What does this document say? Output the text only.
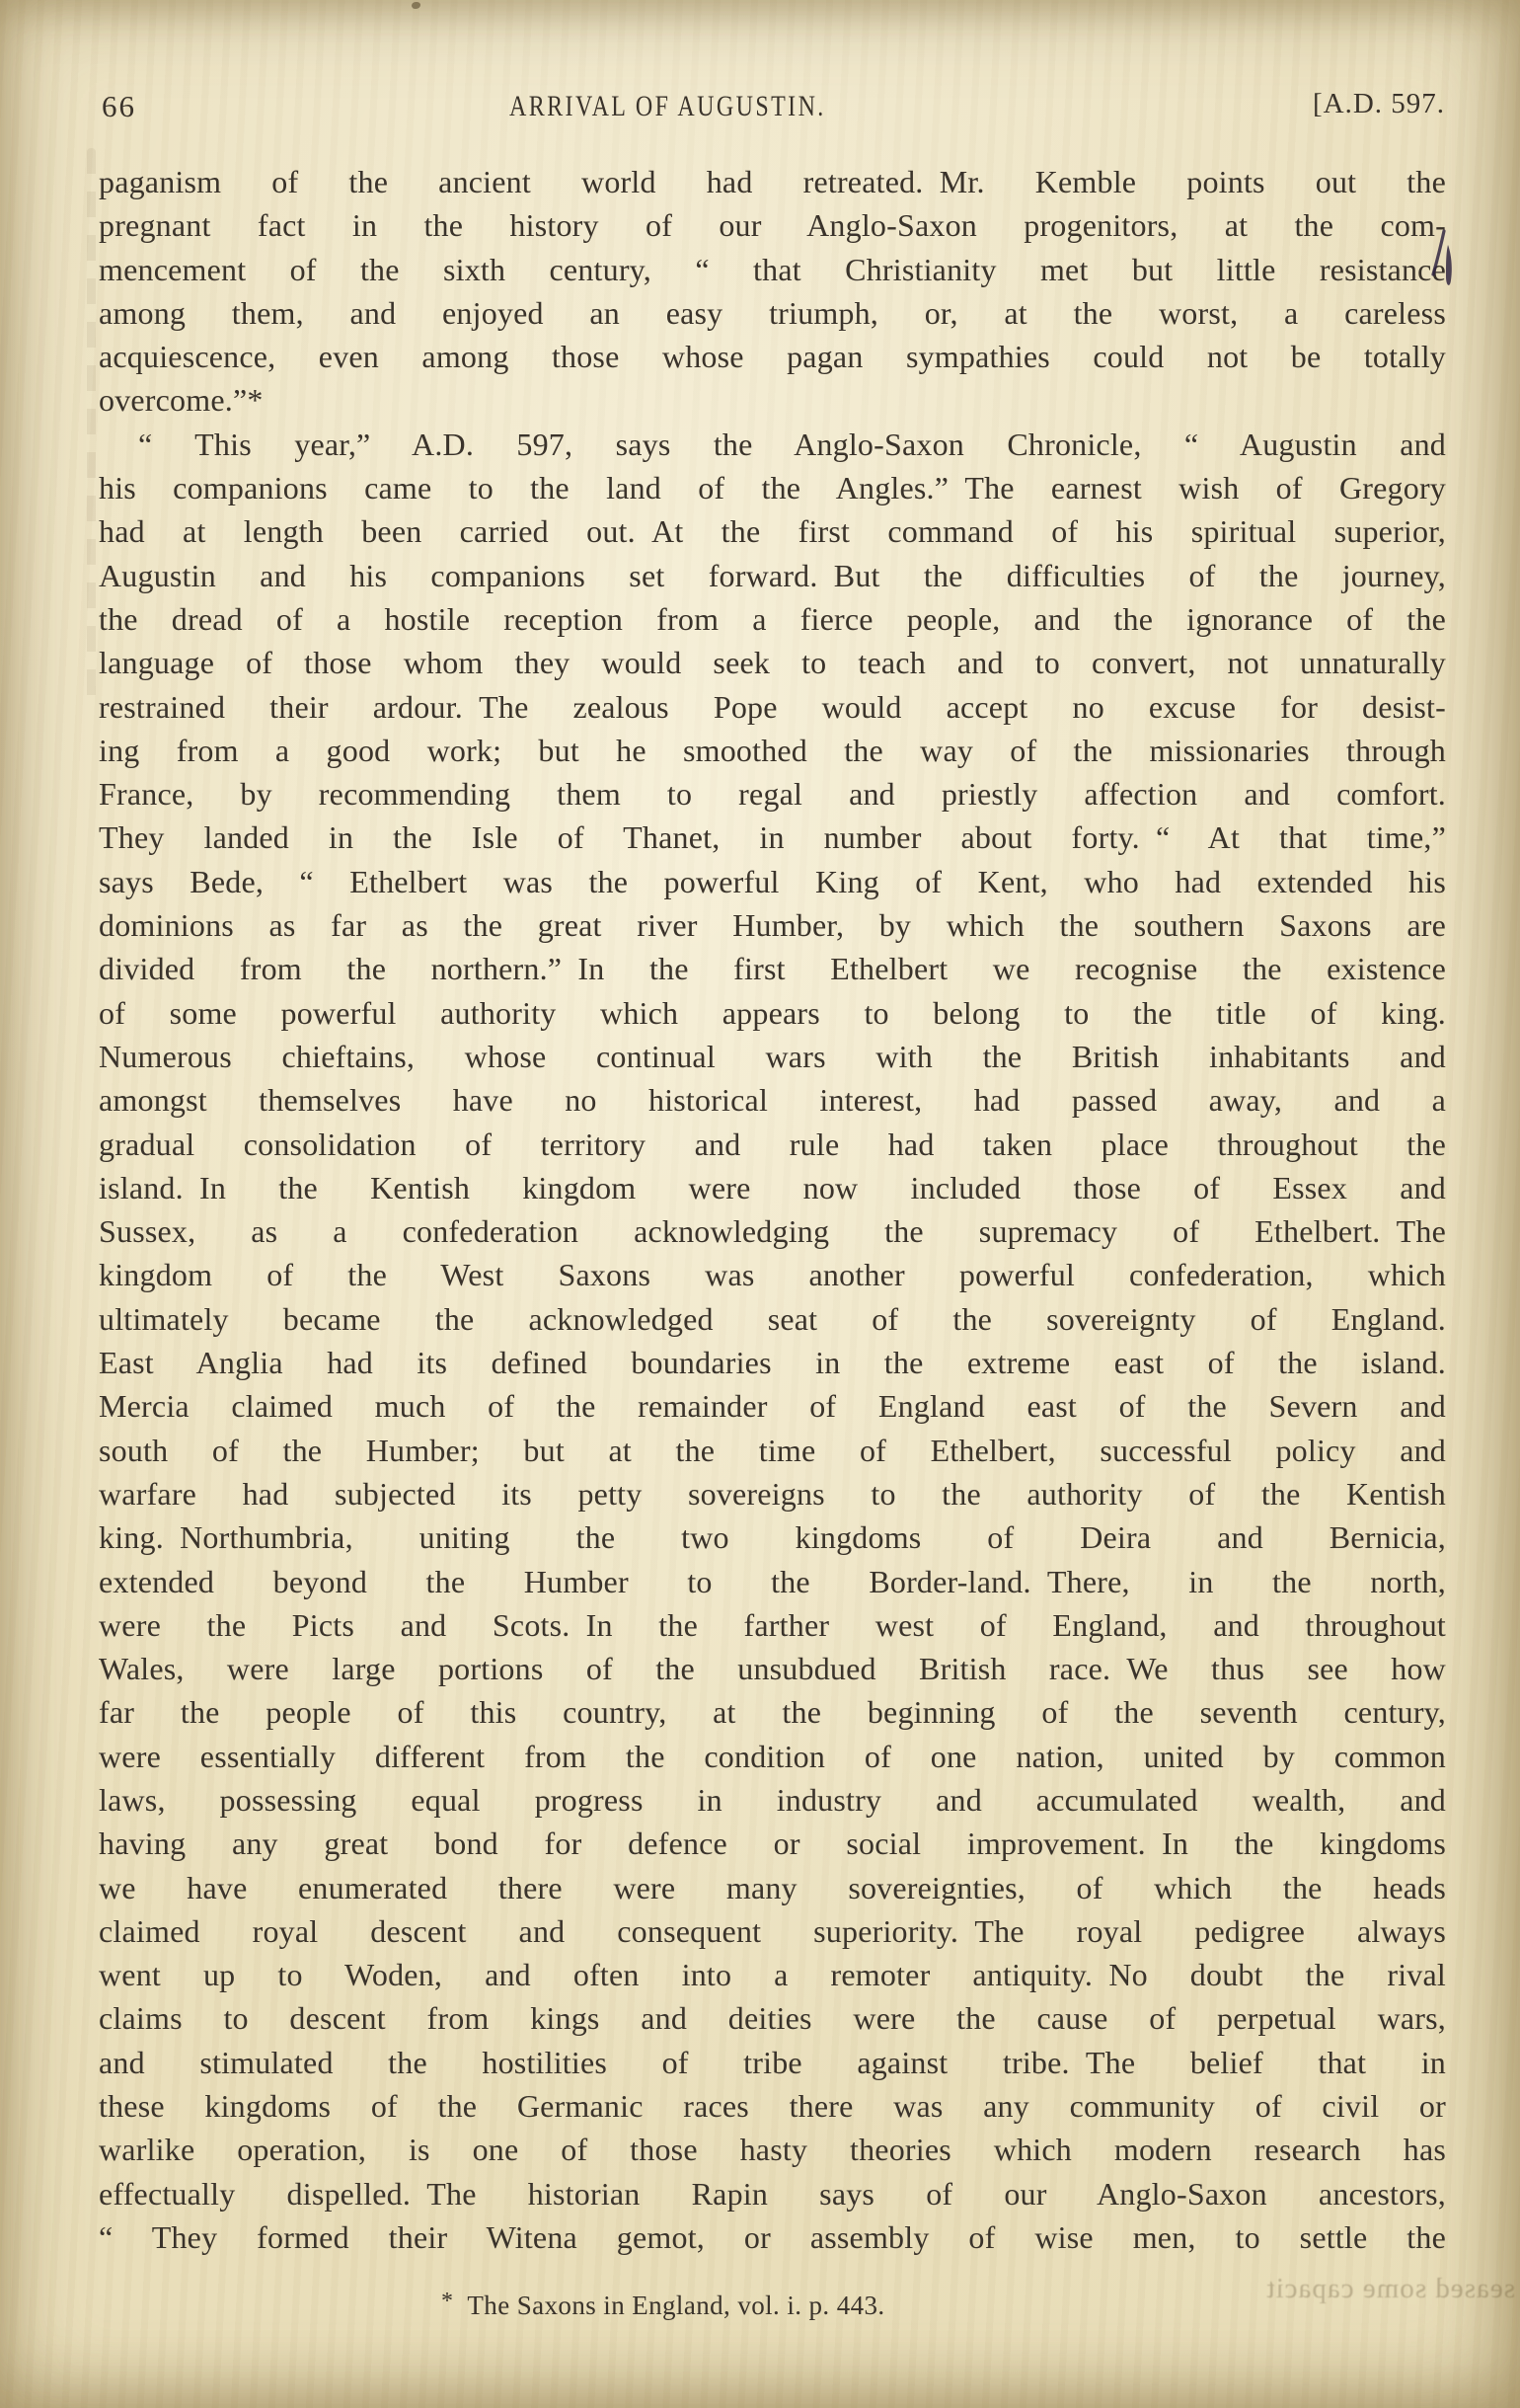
66	ARRIVAL OF AUGUSTIN.	[A.D. 597.
paganism of the ancient world had retreated. Mr. Kemble points out the
pregnant fact in the history of our Anglo-Saxon progenitors, at the com-
mencement of the sixth century, “ that Christianity met but little resistance
among them, and enjoyed an easy triumph, or, at the worst, a careless
acquiescence, even among those whose pagan sympathies could not be totally
overcome.”*
“ This year,” A.D. 597, says the Anglo-Saxon Chronicle, “ Augustin and
his companions came to the land of the Angles.” The earnest wish of Gregory
had at length been carried out. At the first command of his spiritual superior,
Augustin and his companions set forward. But the difficulties of the journey,
the dread of a hostile reception from a fierce people, and the ignorance of the
language of those whom they would seek to teach and to convert, not unnaturally
restrained their ardour. The zealous Pope would accept no excuse for desist-
ing from a good work; but he smoothed the way of the missionaries through
France, by recommending them to regal and priestly affection and comfort.
They landed in the Isle of Thanet, in number about forty. “ At that time,”
says Bede, “ Ethelbert was the powerful King of Kent, who had extended his
dominions as far as the great river Humber, by which the southern Saxons are
divided from the northern.” In the first Ethelbert we recognise the existence
of some powerful authority which appears to belong to the title of king.
Numerous chieftains, whose continual wars with the British inhabitants and
amongst themselves have no historical interest, had passed away, and a
gradual consolidation of territory and rule had taken place throughout the
island. In the Kentish kingdom were now included those of Essex and
Sussex, as a confederation acknowledging the supremacy of Ethelbert. The
kingdom of the West Saxons was another powerful confederation, which
ultimately became the acknowledged seat of the sovereignty of England.
East Anglia had its defined boundaries in the extreme east of the island.
Mercia claimed much of the remainder of England east of the Severn and
south of the Humber; but at the time of Ethelbert, successful policy and
warfare had subjected its petty sovereigns to the authority of the Kentish
king. Northumbria, uniting the two kingdoms of Deira and Bernicia,
extended beyond the Humber to the Border-land. There, in the north,
were the Picts and Scots. In the farther west of England, and throughout
Wales, were large portions of the unsubdued British race. We thus see how
far the people of this country, at the beginning of the seventh century,
were essentially different from the condition of one nation, united by common
laws, possessing equal progress in industry and accumulated wealth, and
having any great bond for defence or social improvement. In the kingdoms
we have enumerated there were many sovereignties, of which the heads
claimed royal descent and consequent superiority. The royal pedigree always
went up to Woden, and often into a remoter antiquity. No doubt the rival
claims to descent from kings and deities were the cause of perpetual wars,
and stimulated the hostilities of tribe against tribe. The belief that in
these kingdoms of the Germanic races there was any community of civil or
warlike operation, is one of those hasty theories which modern research has
effectually dispelled. The historian Rapin says of our Anglo-Saxon ancestors,
“ They formed their Witena gemot, or assembly of wise men, to settle the
* The Saxons in England, vol. i. p. 443.
seased some capacit
